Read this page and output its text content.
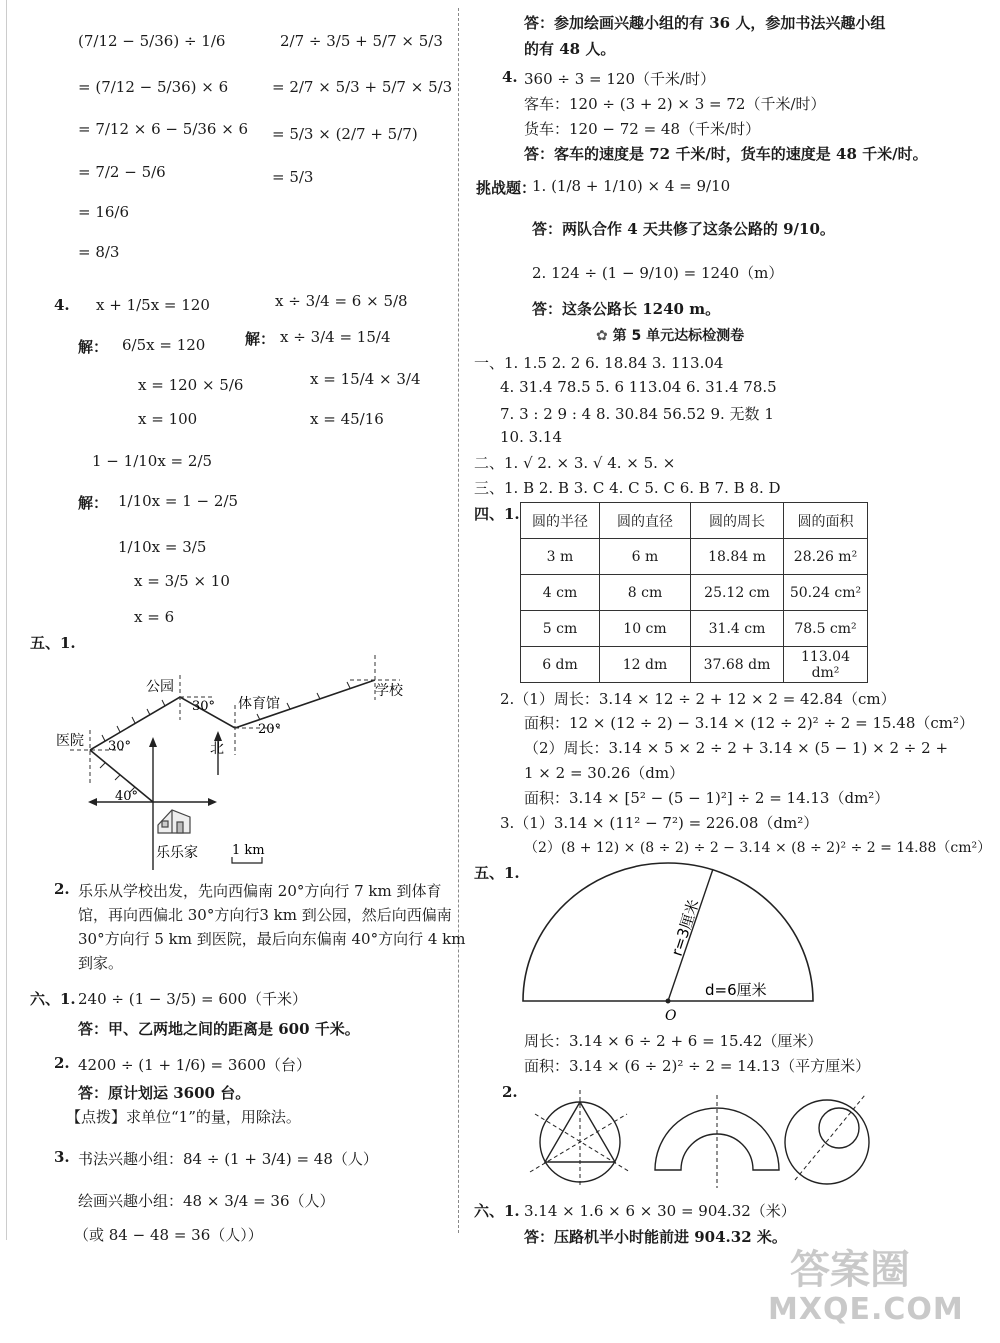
(7/12 − 5/36) ÷ 1/6
= (7/12 − 5/36) × 6
= 7/12 × 6 − 5/36 × 6
= 7/2 − 5/6
= 16/6
= 8/3
2/7 ÷ 3/5 + 5/7 × 5/3
= 2/7 × 5/3 + 5/7 × 5/3
= 5/3 × (2/7 + 5/7)
= 5/3
4. x + 1/5x = 120
解： 6/5x = 120
x = 120 × 5/6
x = 100
x ÷ 3/4 = 6 × 5/8
解： x ÷ 3/4 = 15/4
x = 15/4 × 3/4
x = 45/16
1 − 1/10x = 2/5
解： 1/10x = 1 − 2/5
1/10x = 3/5
x = 3/5 × 10
x = 6
五、1.
公园
30° 体育馆
20°
学校
医院 30°	北
40°
乐乐家	1 km
2. 乐乐从学校出发，先向西偏南 20°方向行 7 km 到体育
馆，再向西偏北 30°方向行3 km 到公园，然后向西偏南
30°方向行 5 km 到医院，最后向东偏南 40°方向行 4 km
到家。
六、1. 240 ÷ (1 − 3/5) = 600（千米）
答：甲、乙两地之间的距离是 600 千米。
2. 4200 ÷ (1 + 1/6) = 3600（台）
答：原计划运 3600 台。
【点拨】求单位“1”的量，用除法。
3. 书法兴趣小组：84 ÷ (1 + 3/4) = 48（人）
绘画兴趣小组：48 × 3/4 = 36（人）
（或 84 − 48 = 36（人））
答：参加绘画兴趣小组的有 36 人，参加书法兴趣小组
的有 48 人。
4. 360 ÷ 3 = 120（千米/时）
客车：120 ÷ (3 + 2) × 3 = 72（千米/时）
货车：120 − 72 = 48（千米/时）
答：客车的速度是 72 千米/时，货车的速度是 48 千米/时。
挑战题：
1. (1/8 + 1/10) × 4 = 9/10
答：两队合作 4 天共修了这条公路的 9/10。
2. 124 ÷ (1 − 9/10) = 1240（m）
答：这条公路长 1240 m。
✿ 第 5 单元达标检测卷
一、1. 1.5 2. 2 6. 18.84 3. 113.04
4. 31.4 78.5 5. 6 113.04 6. 31.4 78.5
7. 3 : 2 9 : 4 8. 30.84 56.52 9. 无数 1
10. 3.14
二、1. √ 2. × 3. √ 4. × 5. ×
三、1. B 2. B 3. C 4. C 5. C 6. B 7. B 8. D
四、1. 圆的半径	圆的直径	圆的周长	圆的面积
3 m	6 m	18.84 m	28.26 m²
4 cm	8 cm	25.12 cm	50.24 cm²
5 cm	10 cm	31.4 cm	78.5 cm²
6 dm	12 dm	37.68 dm	113.04 dm²
2.（1）周长：3.14 × 12 ÷ 2 + 12 × 2 = 42.84（cm）
面积：12 × (12 ÷ 2) − 3.14 × (12 ÷ 2)² ÷ 2 = 15.48（cm²）
（2）周长：3.14 × 5 × 2 ÷ 2 + 3.14 × (5 − 1) × 2 ÷ 2 +
1 × 2 = 30.26（dm）
面积：3.14 × [5² − (5 − 1)²] ÷ 2 = 14.13（dm²）
3.（1）3.14 × (11² − 7²) = 226.08（dm²）
（2）(8 + 12) × (8 ÷ 2) ÷ 2 − 3.14 × (8 ÷ 2)² ÷ 2 = 14.88（cm²）
五、1.
O
d=6厘米
r=3厘米
周长：3.14 × 6 ÷ 2 + 6 = 15.42（厘米）
面积：3.14 × (6 ÷ 2)² ÷ 2 = 14.13（平方厘米）
2.
六、1. 3.14 × 1.6 × 6 × 30 = 904.32（米）
答：压路机半小时能前进 904.32 米。
答案圈
MXQE.COM
